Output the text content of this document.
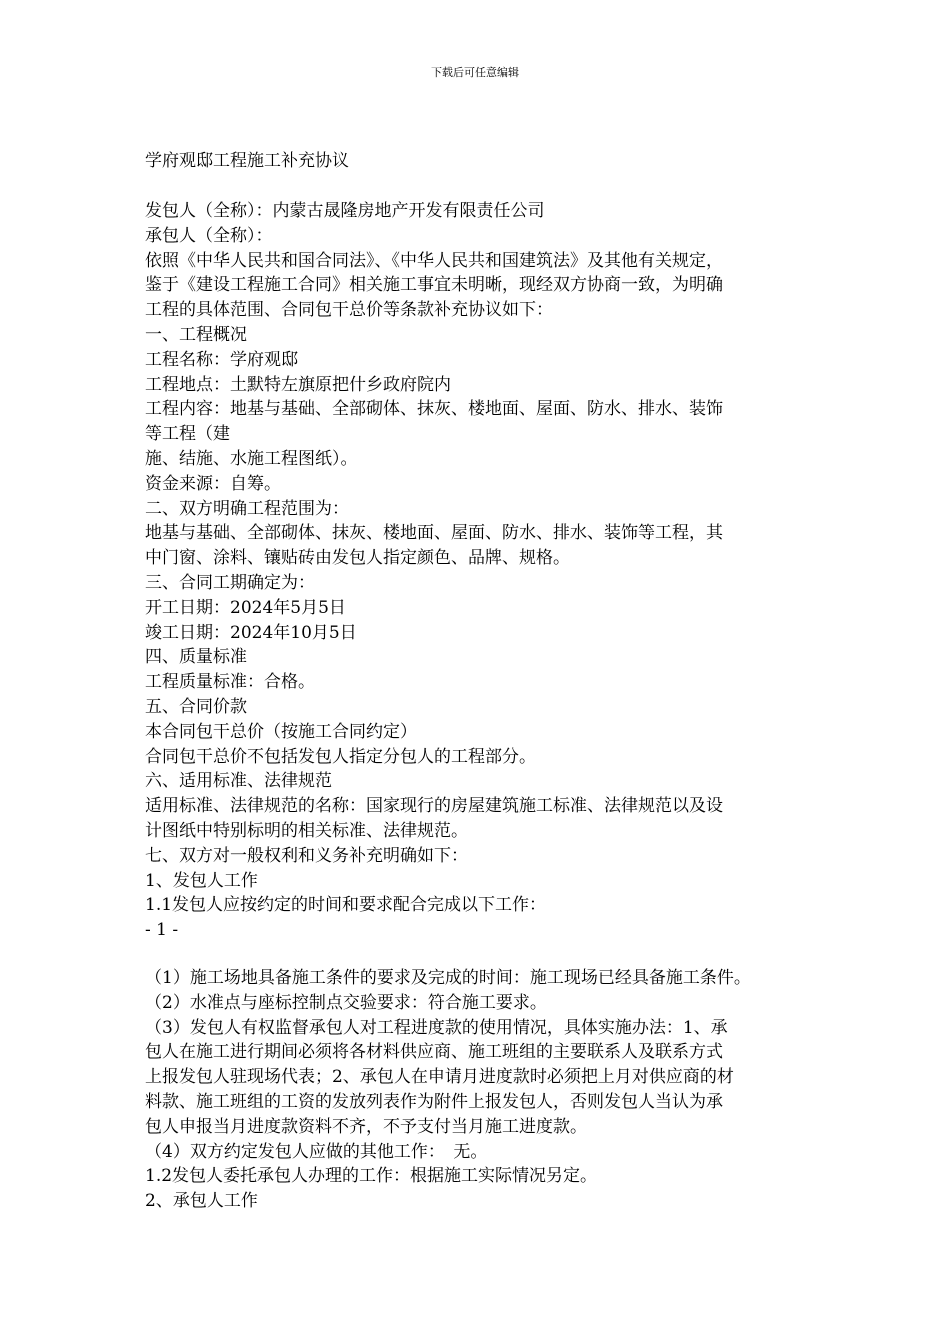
下载后可任意编辑
学府观邸工程施工补充协议
发包人（全称）：内蒙古晟隆房地产开发有限责任公司
承包人（全称）：
依照《中华人民共和国合同法》、《中华人民共和国建筑法》及其他有关规定，
鉴于《建设工程施工合同》相关施工事宜未明晰，现经双方协商一致，为明确
工程的具体范围、合同包干总价等条款补充协议如下：
一、工程概况
工程名称：学府观邸
工程地点：土默特左旗原把什乡政府院内
工程内容：地基与基础、全部砌体、抹灰、楼地面、屋面、防水、排水、装饰
等工程（建
施、结施、水施工程图纸）。
资金来源：自筹。
二、双方明确工程范围为：
地基与基础、全部砌体、抹灰、楼地面、屋面、防水、排水、装饰等工程，其
中门窗、涂料、镶贴砖由发包人指定颜色、品牌、规格。
三、合同工期确定为：
开工日期：2024年5月5日
竣工日期：2024年10月5日
四、质量标准
工程质量标准：合格。
五、合同价款
本合同包干总价（按施工合同约定）
合同包干总价不包括发包人指定分包人的工程部分。
六、适用标准、法律规范
适用标准、法律规范的名称：国家现行的房屋建筑施工标准、法律规范以及设
计图纸中特别标明的相关标准、法律规范。
七、双方对一般权利和义务补充明确如下：
1、发包人工作
1.1发包人应按约定的时间和要求配合完成以下工作：
- 1 -
（1）施工场地具备施工条件的要求及完成的时间：施工现场已经具备施工条件。
（2）水准点与座标控制点交验要求：符合施工要求。
（3）发包人有权监督承包人对工程进度款的使用情况，具体实施办法：1、承
包人在施工进行期间必须将各材料供应商、施工班组的主要联系人及联系方式
上报发包人驻现场代表；2、承包人在申请月进度款时必须把上月对供应商的材
料款、施工班组的工资的发放列表作为附件上报发包人，否则发包人当认为承
包人申报当月进度款资料不齐，不予支付当月施工进度款。
（4）双方约定发包人应做的其他工作：　无。
1.2发包人委托承包人办理的工作：根据施工实际情况另定。
2、承包人工作
